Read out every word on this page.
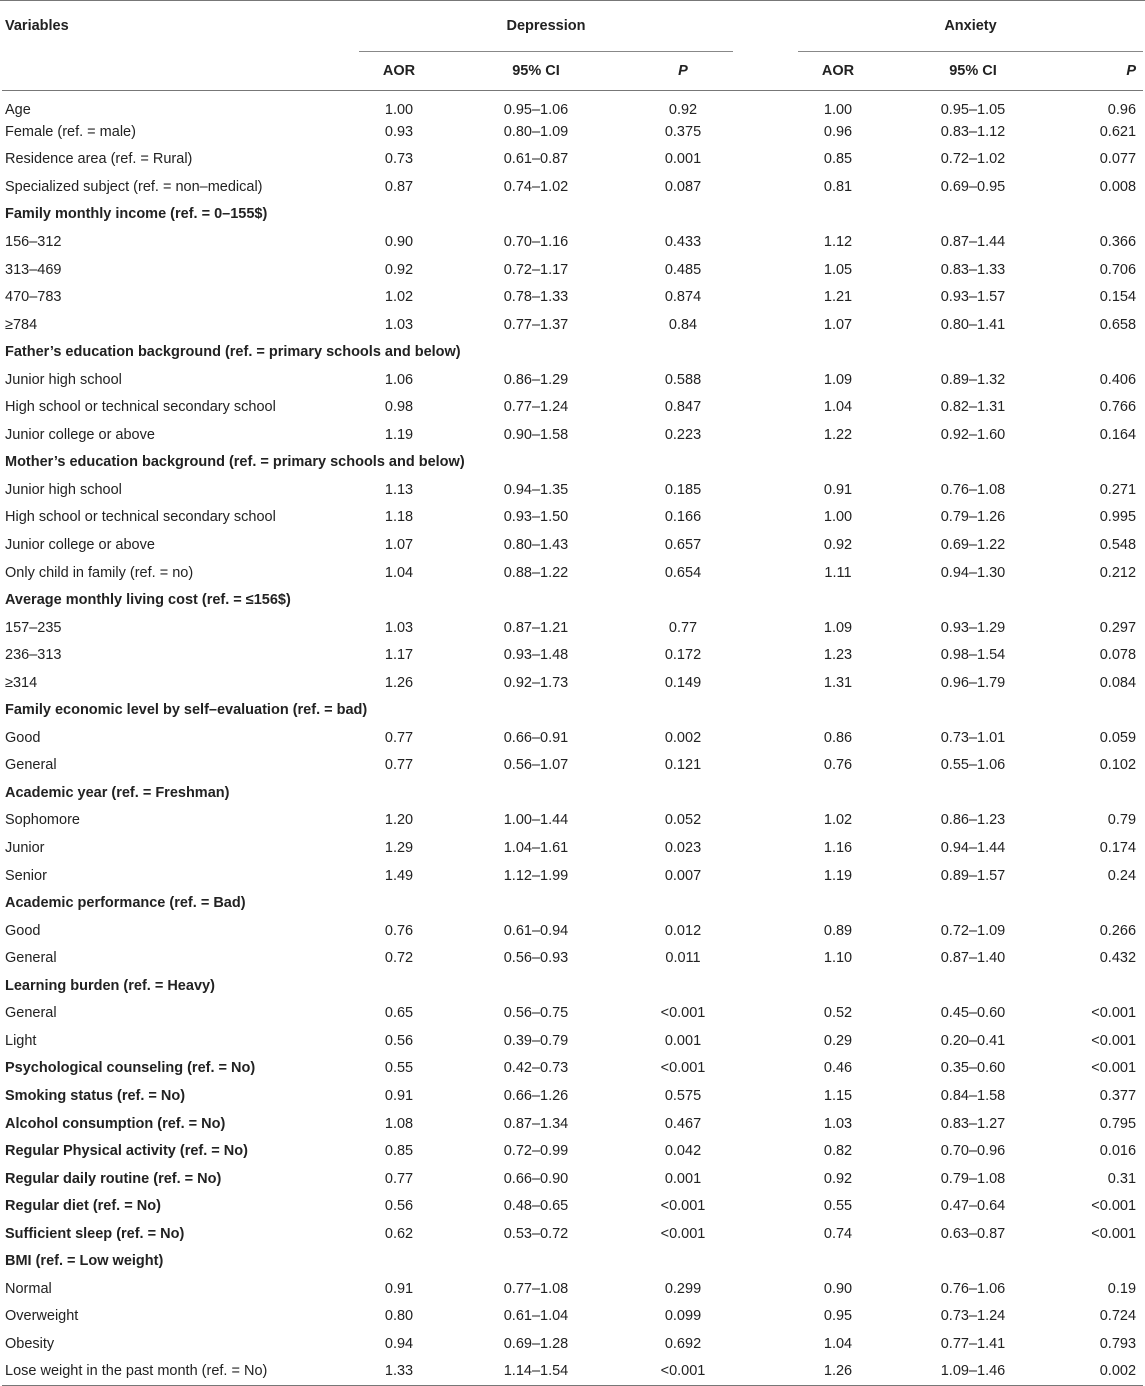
Variables	Depression				Anxiety		

	AOR	95% CI	P		AOR	95% CI	P
Age	1.00	0.95–1.06	0.92		1.00	0.95–1.05	0.96
Female (ref. = male)	0.93	0.80–1.09	0.375		0.96	0.83–1.12	0.621
Residence area (ref. = Rural)	0.73	0.61–0.87	0.001		0.85	0.72–1.02	0.077
Specialized subject (ref. = non–medical)	0.87	0.74–1.02	0.087		0.81	0.69–0.95	0.008
Family monthly income (ref. = 0–155$)							
156–312	0.90	0.70–1.16	0.433		1.12	0.87–1.44	0.366
313–469	0.92	0.72–1.17	0.485		1.05	0.83–1.33	0.706
470–783	1.02	0.78–1.33	0.874		1.21	0.93–1.57	0.154
≥784	1.03	0.77–1.37	0.84		1.07	0.80–1.41	0.658
Father’s education background (ref. = primary schools and below)							
Junior high school	1.06	0.86–1.29	0.588		1.09	0.89–1.32	0.406
High school or technical secondary school	0.98	0.77–1.24	0.847		1.04	0.82–1.31	0.766
Junior college or above	1.19	0.90–1.58	0.223		1.22	0.92–1.60	0.164
Mother’s education background (ref. = primary schools and below)							
Junior high school	1.13	0.94–1.35	0.185		0.91	0.76–1.08	0.271
High school or technical secondary school	1.18	0.93–1.50	0.166		1.00	0.79–1.26	0.995
Junior college or above	1.07	0.80–1.43	0.657		0.92	0.69–1.22	0.548
Only child in family (ref. = no)	1.04	0.88–1.22	0.654		1.11	0.94–1.30	0.212
Average monthly living cost (ref. = ≤156$)							
157–235	1.03	0.87–1.21	0.77		1.09	0.93–1.29	0.297
236–313	1.17	0.93–1.48	0.172		1.23	0.98–1.54	0.078
≥314	1.26	0.92–1.73	0.149		1.31	0.96–1.79	0.084
Family economic level by self–evaluation (ref. = bad)							
Good	0.77	0.66–0.91	0.002		0.86	0.73–1.01	0.059
General	0.77	0.56–1.07	0.121		0.76	0.55–1.06	0.102
Academic year (ref. = Freshman)							
Sophomore	1.20	1.00–1.44	0.052		1.02	0.86–1.23	0.79
Junior	1.29	1.04–1.61	0.023		1.16	0.94–1.44	0.174
Senior	1.49	1.12–1.99	0.007		1.19	0.89–1.57	0.24
Academic performance (ref. = Bad)							
Good	0.76	0.61–0.94	0.012		0.89	0.72–1.09	0.266
General	0.72	0.56–0.93	0.011		1.10	0.87–1.40	0.432
Learning burden (ref. = Heavy)							
General	0.65	0.56–0.75	<0.001		0.52	0.45–0.60	<0.001
Light	0.56	0.39–0.79	0.001		0.29	0.20–0.41	<0.001
Psychological counseling (ref. = No)	0.55	0.42–0.73	<0.001		0.46	0.35–0.60	<0.001
Smoking status (ref. = No)	0.91	0.66–1.26	0.575		1.15	0.84–1.58	0.377
Alcohol consumption (ref. = No)	1.08	0.87–1.34	0.467		1.03	0.83–1.27	0.795
Regular Physical activity (ref. = No)	0.85	0.72–0.99	0.042		0.82	0.70–0.96	0.016
Regular daily routine (ref. = No)	0.77	0.66–0.90	0.001		0.92	0.79–1.08	0.31
Regular diet (ref. = No)	0.56	0.48–0.65	<0.001		0.55	0.47–0.64	<0.001
Sufficient sleep (ref. = No)	0.62	0.53–0.72	<0.001		0.74	0.63–0.87	<0.001
BMI (ref. = Low weight)							
Normal	0.91	0.77–1.08	0.299		0.90	0.76–1.06	0.19
Overweight	0.80	0.61–1.04	0.099		0.95	0.73–1.24	0.724
Obesity	0.94	0.69–1.28	0.692		1.04	0.77–1.41	0.793
Lose weight in the past month (ref. = No)	1.33	1.14–1.54	<0.001		1.26	1.09–1.46	0.002
